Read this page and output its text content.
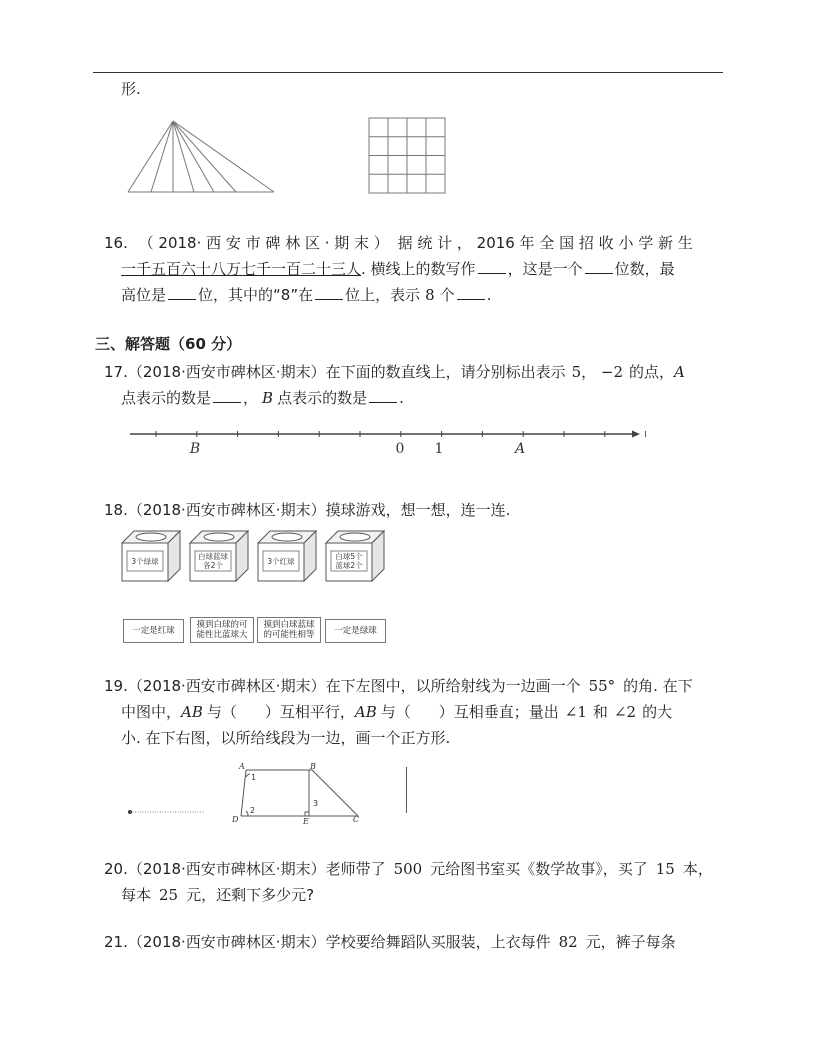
形.
16. （ 2018· 西 安 市 碑 林 区 · 期 末 ） 据 统 计 ， 2016 年 全 国 招 收 小 学 新 生
一千五百六十八万七千一百二十三人. 横线上的数写作 ，这是一个 位数，最
高位是 位，其中的“8”在 位上，表示 8 个 .
三、解答题（60 分）
17.（2018·西安市碑林区·期末）在下面的数直线上，请分别标出表示 5， −2 的点，A
点表示的数是 ， B 点表示的数是 .
B	0 1	A
18.（2018·西安市碑林区·期末）摸球游戏，想一想，连一连.
3个绿球
白球蓝球
各2个	3个红球
白球5个
蓝球2个
一定是红球
摸到白球的可
能性比蓝球大
摸到白球蓝球
的可能性相等 一定是绿球
19.（2018·西安市碑林区·期末）在下左图中，以所给射线为一边画一个 55° 的角. 在下
中图中，AB 与（ ）互相平行，AB 与（ ）互相垂直；量出 ∠1 和 ∠2 的大
小. 在下右图，以所给线段为一边，画一个正方形.
A	B
C
D	E
1
2
3
20.（2018·西安市碑林区·期末）老师带了 500 元给图书室买《数学故事》，买了 15 本，
每本 25 元，还剩下多少元?
21.（2018·西安市碑林区·期末）学校要给舞蹈队买服装，上衣每件 82 元，裤子每条
